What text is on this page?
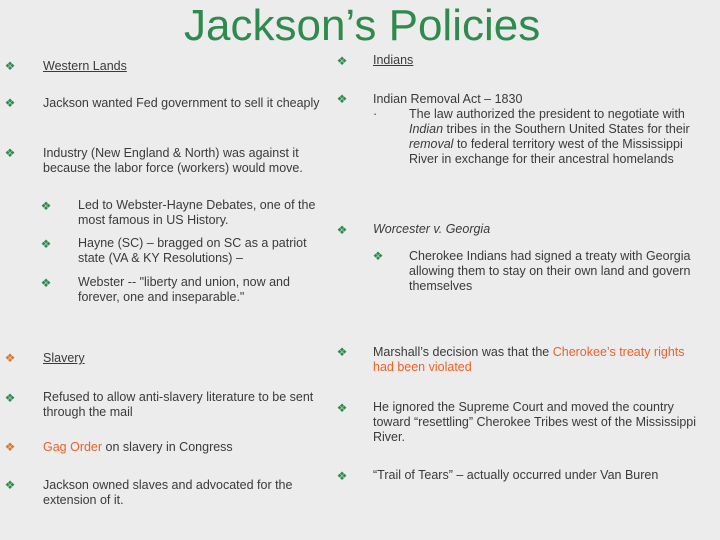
Jackson’s Policies
❖ Western Lands
❖ Jackson wanted Fed government to sell it cheaply
❖ Industry (New England & North) was against it because the labor force (workers) would move.
❖ Led to Webster-Hayne Debates, one of the most famous in US History.
❖ Hayne (SC) – bragged on SC as a patriot state (VA & KY Resolutions) –
❖ Webster -- "liberty and union, now and forever, one and inseparable."
❖ Slavery
❖ Refused to allow anti-slavery literature to be sent through the mail
❖ Gag Order on slavery in Congress
❖ Jackson owned slaves and advocated for the extension of it.
❖ Indians
❖ Indian Removal Act – 1830
·	The law authorized the president to negotiate with Indian tribes in the Southern United States for their removal to federal territory west of the Mississippi River in exchange for their ancestral homelands
❖ Worcester v. Georgia
❖ Cherokee Indians had signed a treaty with Georgia allowing them to stay on their own land and govern themselves
❖ Marshall’s decision was that the Cherokee’s treaty rights had been violated
❖ He ignored the Supreme Court and moved the country toward “resettling” Cherokee Tribes west of the Mississippi River.
❖ “Trail of Tears” – actually occurred under Van Buren
